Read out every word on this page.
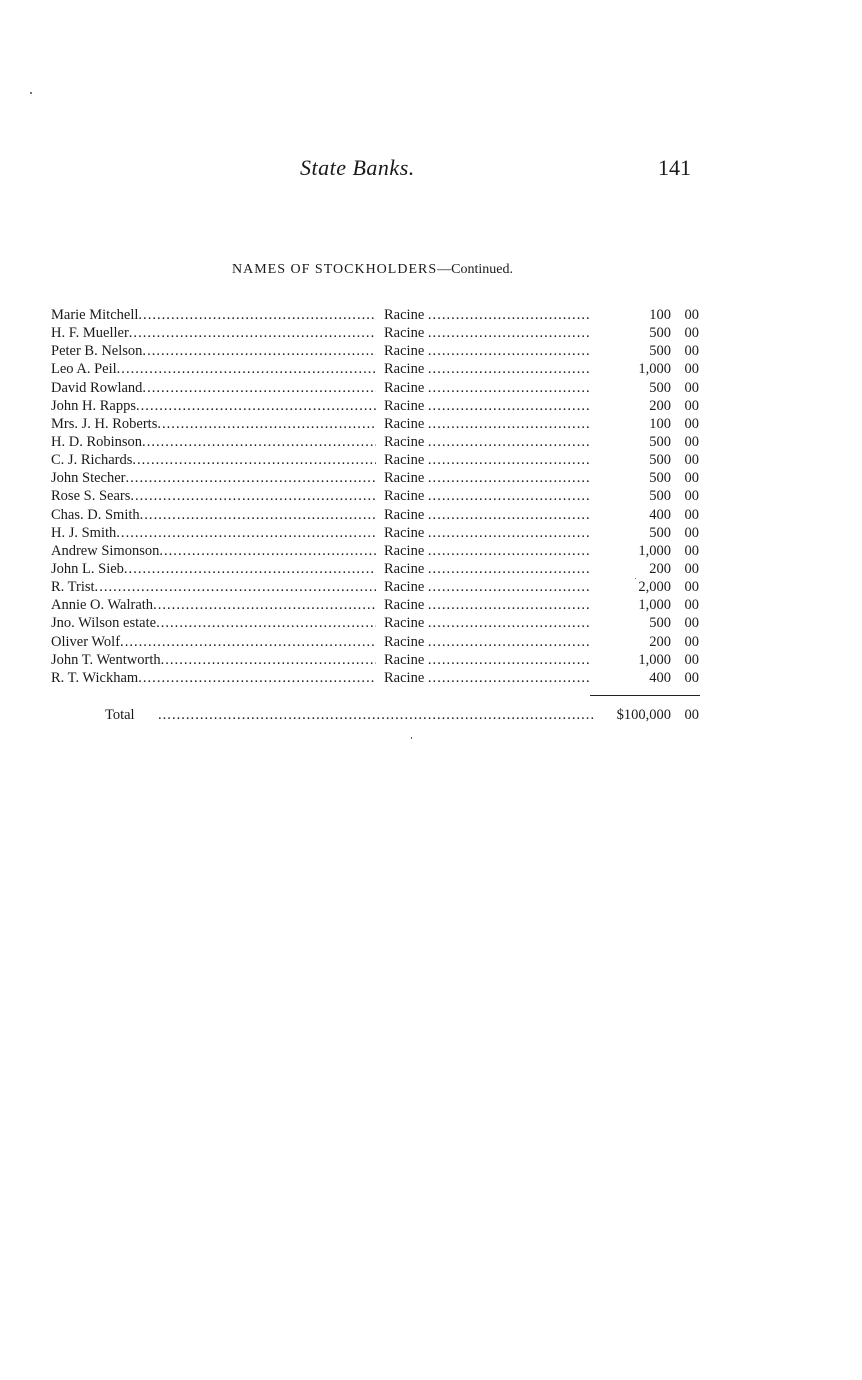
State Banks.	141
NAMES OF STOCKHOLDERS—Continued.
Marie Mitchell . . .	Racine . . .	100 00
H. F. Mueller . . .	Racine . . .	500 00
Peter B. Nelson . . .	Racine . . .	500 00
Leo A. Peil . . .	Racine . . .	1,000 00
David Rowland . . .	Racine . . .	500 00
John H. Rapps . . .	Racine . . .	200 00
Mrs. J. H. Roberts . . .	Racine . . .	100 00
H. D. Robinson . . .	Racine . . .	500 00
C. J. Richards . . .	Racine . . .	500 00
John Stecher . . .	Racine . . .	500 00
Rose S. Sears . . .	Racine . . .	500 00
Chas. D. Smith . . .	Racine . . .	400 00
H. J. Smith . . .	Racine . . .	500 00
Andrew Simonson . . .	Racine . . .	1,000 00
John L. Sieb . . .	Racine . . .	200 00
R. Trist . . .	Racine . . .	2,000 00
Annie O. Walrath . . .	Racine . . .	1,000 00
Jno. Wilson estate . . .	Racine . . .	500 00
Oliver Wolf . . .	Racine . . .	200 00
John T. Wentworth . . .	Racine . . .	1,000 00
R. T. Wickham . . .	Racine . . .	400 00
Total . . .	$100,000 00
